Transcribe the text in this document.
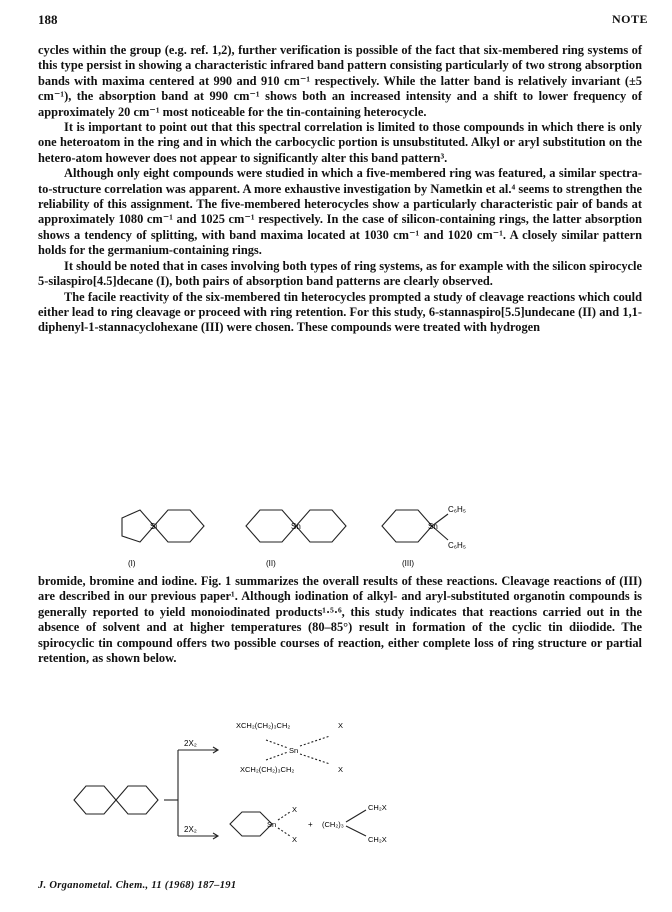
188	NOTE

cycles within the group (e.g. ref. 1,2), further verification is possible of the fact that six-membered ring systems of this type persist in showing a characteristic infrared band pattern consisting particularly of two strong absorption bands with maxima centered at 990 and 910 cm⁻¹ respectively. While the latter band is relatively invariant (±5 cm⁻¹), the absorption band at 990 cm⁻¹ shows both an increased intensity and a shift to lower frequency of approximately 20 cm⁻¹ most noticeable for the tin-containing heterocycle.

It is important to point out that this spectral correlation is limited to those compounds in which there is only one heteroatom in the ring and in which the carbocyclic portion is unsubstituted. Alkyl or aryl substitution on the hetero-atom however does not appear to significantly alter this band pattern³.

Although only eight compounds were studied in which a five-membered ring was featured, a similar spectra-to-structure correlation was apparent. A more exhaustive investigation by Nametkin et al.⁴ seems to strengthen the reliability of this assignment. The five-membered heterocycles show a particularly characteristic pair of bands at approximately 1080 cm⁻¹ and 1025 cm⁻¹ respectively. In the case of silicon-containing rings, the latter absorption shows a tendency of splitting, with band maxima located at 1030 cm⁻¹ and 1020 cm⁻¹. A closely similar pattern holds for the germanium-containing rings.

It should be noted that in cases involving both types of ring systems, as for example with the silicon spirocycle 5-silaspiro[4.5]decane (I), both pairs of absorption band patterns are clearly observed.

The facile reactivity of the six-membered tin heterocycles prompted a study of cleavage reactions which could either lead to ring cleavage or proceed with ring retention. For this study, 6-stannaspiro[5.5]undecane (II) and 1,1-diphenyl-1-stannacyclohexane (III) were chosen. These compounds were treated with hydrogen

Si	Sn	Sn
C₆H₅
C₆H₅
(I)	(II)	(III)

bromide, bromine and iodine. Fig. 1 summarizes the overall results of these reactions. Cleavage reactions of (III) are described in our previous paper¹. Although iodination of alkyl- and aryl-substituted organotin compounds is generally reported to yield monoiodinated products¹·⁵·⁶, this study indicates that reactions carried out in the absence of solvent and at higher temperatures (80–85°) result in formation of the cyclic tin diiodide. The spirocyclic tin compound offers two possible courses of reaction, either complete loss of ring structure or partial retention, as shown below.

2X₂
2X₂
XCH₂(CH₂)₃CH₂
XCH₂(CH₂)₃CH₂
X
X
Sn
Sn
X
X
+ (CH₂)₃
CH₂X
CH₂X
J. Organometal. Chem., 11 (1968) 187–191
